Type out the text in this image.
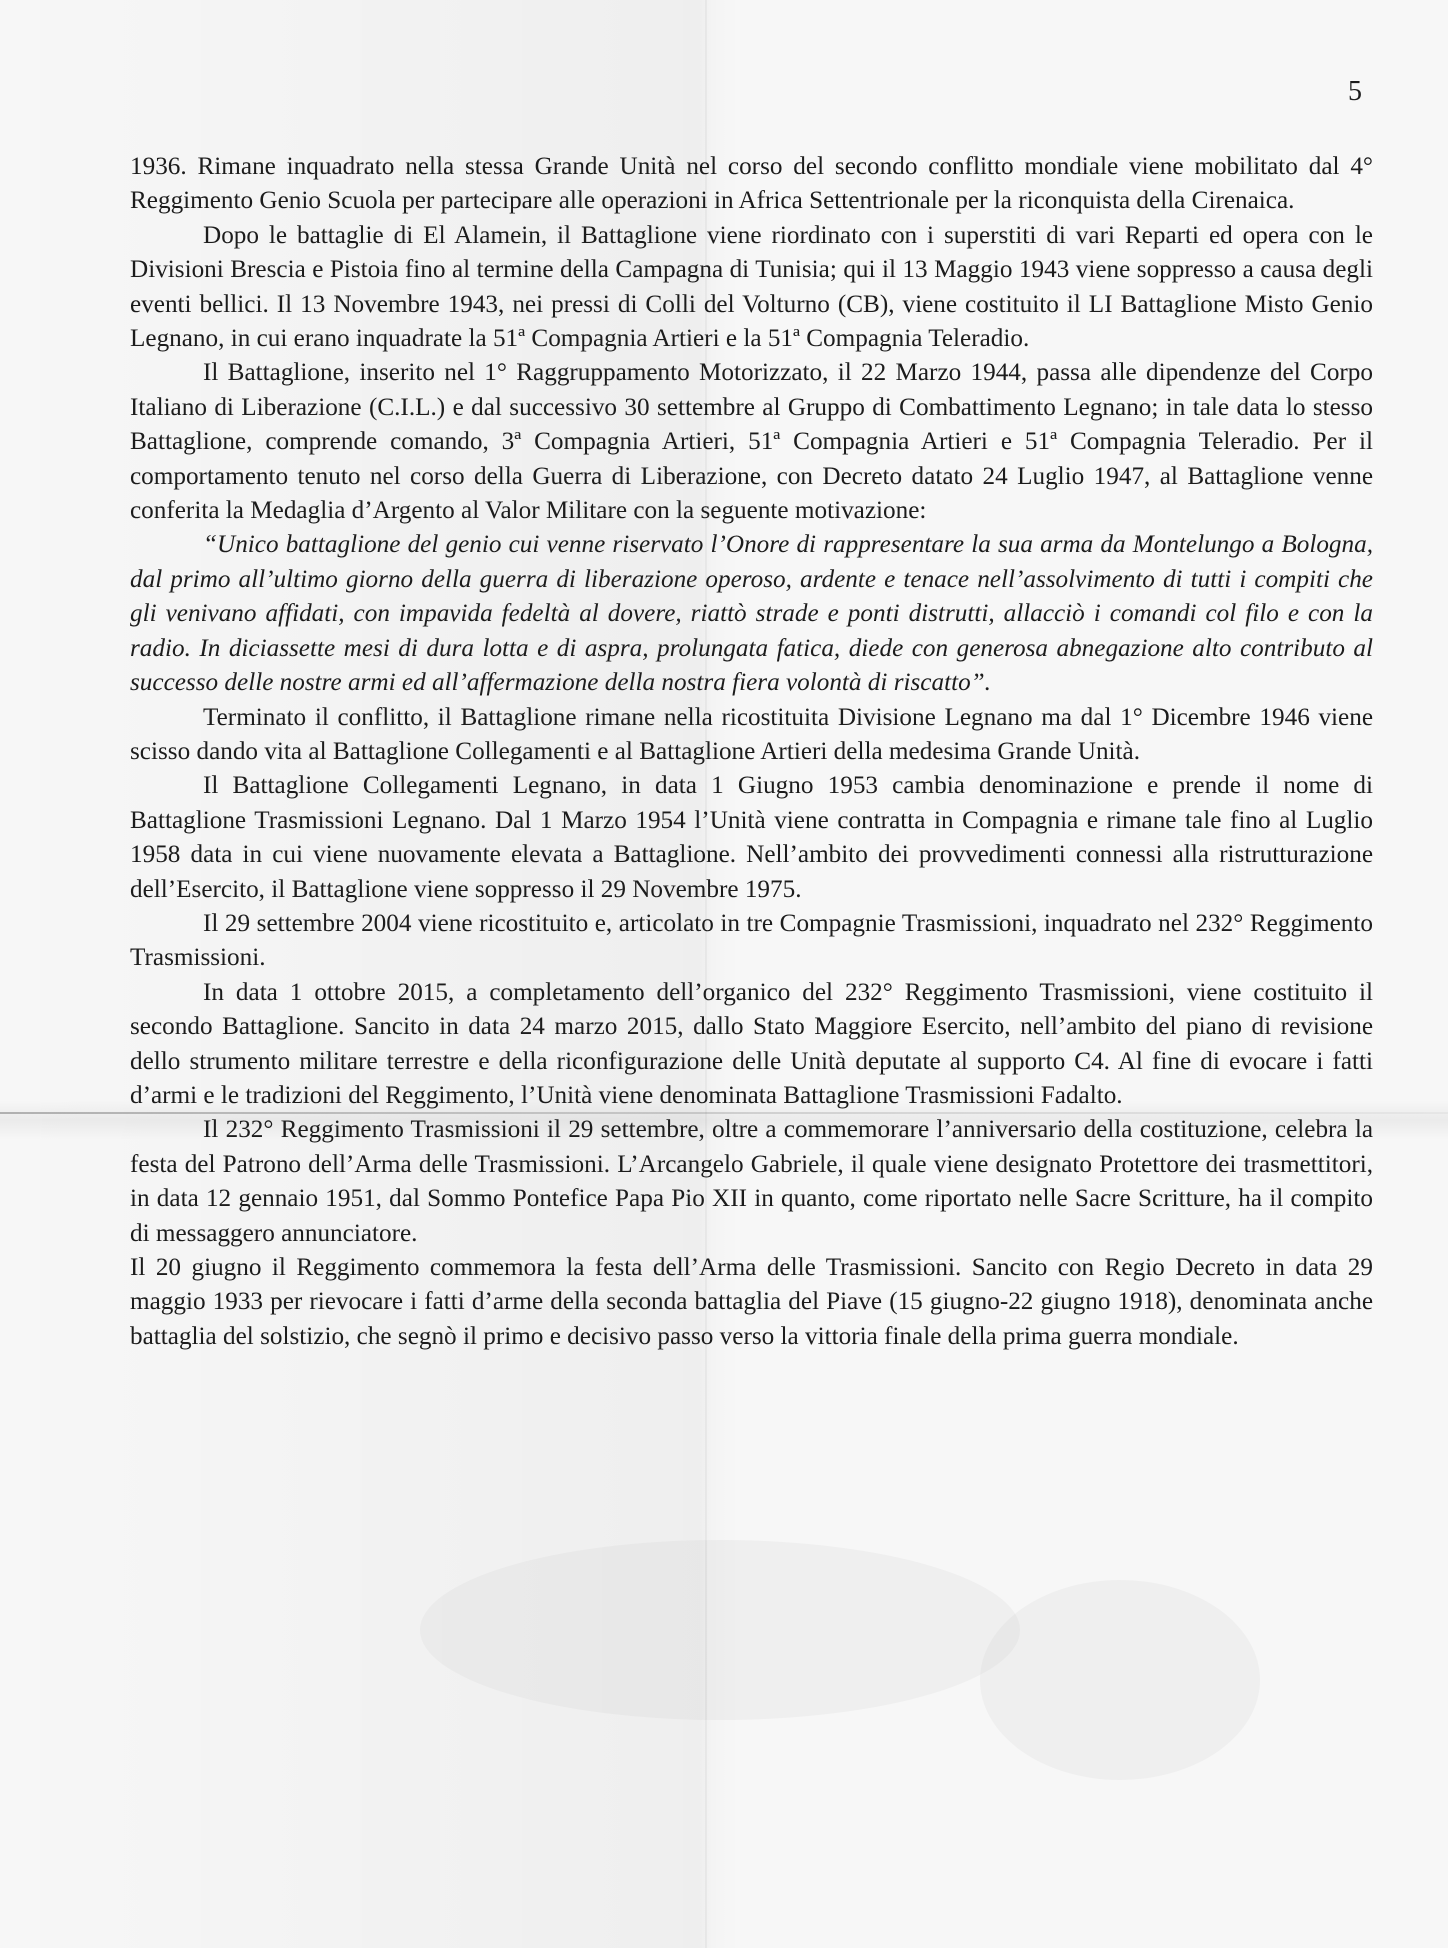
5

1936. Rimane inquadrato nella stessa Grande Unità nel corso del secondo conflitto mondiale viene mobilitato dal 4° Reggimento Genio Scuola per partecipare alle operazioni in Africa Settentrionale per la riconquista della Cirenaica.

Dopo le battaglie di El Alamein, il Battaglione viene riordinato con i superstiti di vari Reparti ed opera con le Divisioni Brescia e Pistoia fino al termine della Campagna di Tunisia; qui il 13 Maggio 1943 viene soppresso a causa degli eventi bellici. Il 13 Novembre 1943, nei pressi di Colli del Volturno (CB), viene costituito il LI Battaglione Misto Genio Legnano, in cui erano inquadrate la 51ª Compagnia Artieri e la 51ª Compagnia Teleradio.

Il Battaglione, inserito nel 1° Raggruppamento Motorizzato, il 22 Marzo 1944, passa alle dipendenze del Corpo Italiano di Liberazione (C.I.L.) e dal successivo 30 settembre al Gruppo di Combattimento Legnano; in tale data lo stesso Battaglione, comprende comando, 3ª Compagnia Artieri, 51ª Compagnia Artieri e 51ª Compagnia Teleradio. Per il comportamento tenuto nel corso della Guerra di Liberazione, con Decreto datato 24 Luglio 1947, al Battaglione venne conferita la Medaglia d’Argento al Valor Militare con la seguente motivazione:

“Unico battaglione del genio cui venne riservato l’Onore di rappresentare la sua arma da Montelungo a Bologna, dal primo all’ultimo giorno della guerra di liberazione operoso, ardente e tenace nell’assolvimento di tutti i compiti che gli venivano affidati, con impavida fedeltà al dovere, riattò strade e ponti distrutti, allacciò i comandi col filo e con la radio. In diciassette mesi di dura lotta e di aspra, prolungata fatica, diede con generosa abnegazione alto contributo al successo delle nostre armi ed all’affermazione della nostra fiera volontà di riscatto”.

Terminato il conflitto, il Battaglione rimane nella ricostituita Divisione Legnano ma dal 1° Dicembre 1946 viene scisso dando vita al Battaglione Collegamenti e al Battaglione Artieri della medesima Grande Unità.

Il Battaglione Collegamenti Legnano, in data 1 Giugno 1953 cambia denominazione e prende il nome di Battaglione Trasmissioni Legnano. Dal 1 Marzo 1954 l’Unità viene contratta in Compagnia e rimane tale fino al Luglio 1958 data in cui viene nuovamente elevata a Battaglione. Nell’ambito dei provvedimenti connessi alla ristrutturazione dell’Esercito, il Battaglione viene soppresso il 29 Novembre 1975.

Il 29 settembre 2004 viene ricostituito e, articolato in tre Compagnie Trasmissioni, inquadrato nel 232° Reggimento Trasmissioni.

In data 1 ottobre 2015, a completamento dell’organico del 232° Reggimento Trasmissioni, viene costituito il secondo Battaglione. Sancito in data 24 marzo 2015, dallo Stato Maggiore Esercito, nell’ambito del piano di revisione dello strumento militare terrestre e della riconfigurazione delle Unità deputate al supporto C4. Al fine di evocare i fatti d’armi e le tradizioni del Reggimento, l’Unità viene denominata Battaglione Trasmissioni Fadalto.

Il 232° Reggimento Trasmissioni il 29 settembre, oltre a commemorare l’anniversario della costituzione, celebra la festa del Patrono dell’Arma delle Trasmissioni. L’Arcangelo Gabriele, il quale viene designato Protettore dei trasmettitori, in data 12 gennaio 1951, dal Sommo Pontefice Papa Pio XII in quanto, come riportato nelle Sacre Scritture, ha il compito di messaggero annunciatore.

Il 20 giugno il Reggimento commemora la festa dell’Arma delle Trasmissioni. Sancito con Regio Decreto in data 29 maggio 1933 per rievocare i fatti d’arme della seconda battaglia del Piave (15 giugno-22 giugno 1918), denominata anche battaglia del solstizio, che segnò il primo e decisivo passo verso la vittoria finale della prima guerra mondiale.
